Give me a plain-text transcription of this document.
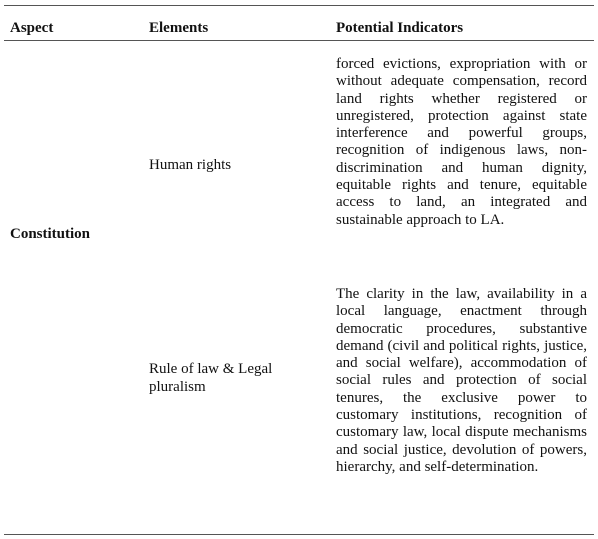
Aspect	Elements	Potential Indicators
Constitution
Human rights
forced evictions, expropriation with or without adequate compensation, record land rights whether registered or unregistered, protection against state interference and powerful groups, recognition of indigenous laws, non-discrimination and human dignity, equitable rights and tenure, equitable access to land, an integrated and sustainable approach to LA.
Rule of law & Legal pluralism
The clarity in the law, availability in a local language, enactment through democratic procedures, substantive demand (civil and political rights, justice, and social welfare), accommodation of social rules and protection of social tenures, the exclusive power to customary institutions, recognition of customary law, local dispute mechanisms and social justice, devolution of powers, hierarchy, and self-determination.
